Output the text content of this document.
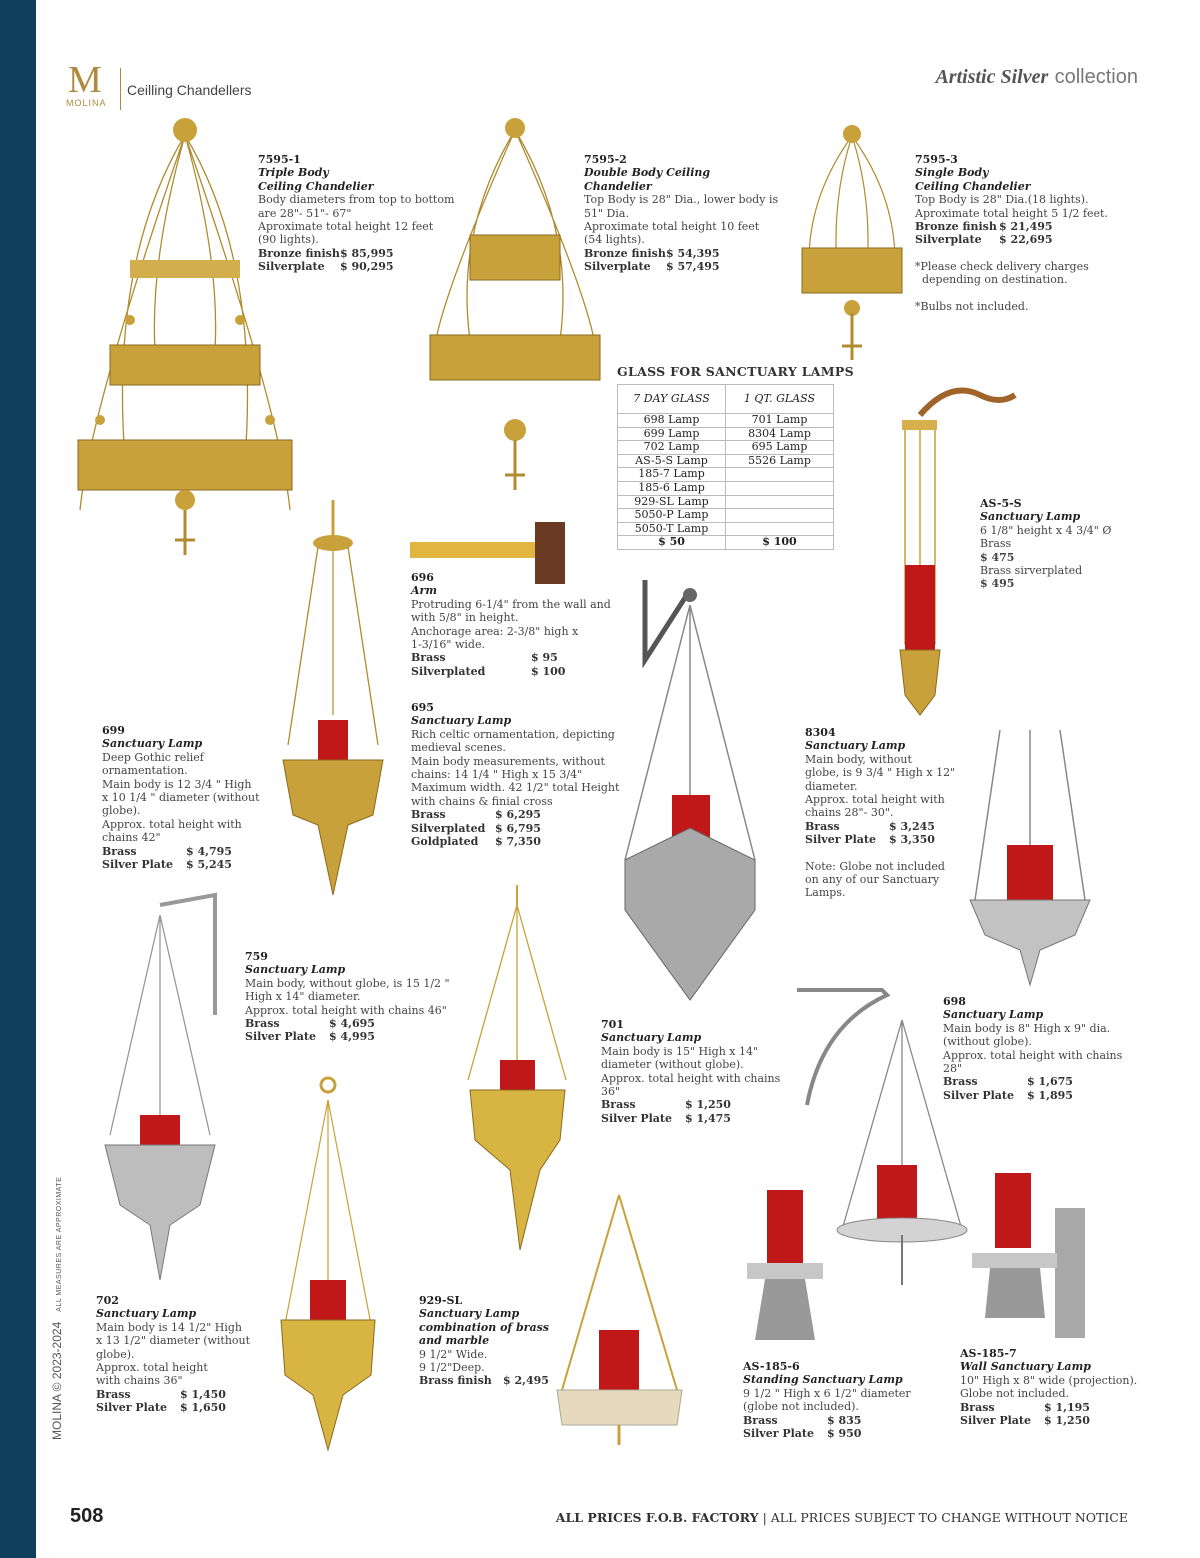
M
MOLINA
Ceilling Chandellers
Artistic Silver collection
7595-1
Triple Body
Ceiling Chandelier
Body diameters from top to bottom
are 28"- 51"- 67"
Aproximate total height 12 feet
(90 lights).
Bronze finish $ 85,995
Silverplate	$ 90,295
7595-2
Double Body Ceiling
Chandelier
Top Body is 28" Dia., lower body is
51" Dia.
Aproximate total height 10 feet
(54 lights).
Bronze finish $ 54,395
Silverplate	$ 57,495
7595-3
Single Body
Ceiling Chandelier
Top Body is 28" Dia.(18 lights).
Aproximate total height 5 1/2 feet.
Bronze finish $ 21,495
Silverplate	$ 22,695
*Please check delivery charges
depending on destination.
*Bulbs not included.
GLASS FOR SANCTUARY LAMPS
7 DAY GLASS	1 QT. GLASS
698 Lamp	701 Lamp
699 Lamp	8304 Lamp
702 Lamp	695 Lamp
AS-5-S Lamp	5526 Lamp
185-7 Lamp	
185-6 Lamp	
929-SL Lamp	
5050-P Lamp	
5050-T Lamp	
$ 50	$ 100
696
Arm
Protruding 6-1/4" from the wall and
with 5/8" in height.
Anchorage area: 2-3/8" high x
1-3/16" wide.
Brass	$ 95
Silverplated	$ 100
695
Sanctuary Lamp
Rich celtic ornamentation, depicting
medieval scenes.
Main body measurements, without
chains: 14 1/4 " High x 15 3/4"
Maximum width. 42 1/2" total Height
with chains & finial cross
Brass	$ 6,295
Silverplated $ 6,795
Goldplated	$ 7,350
699
Sanctuary Lamp
Deep Gothic relief
ornamentation.
Main body is 12 3/4 " High
x 10 1/4 " diameter (without
globe).
Approx. total height with
chains 42"
Brass	$ 4,795
Silver Plate	$ 5,245
AS-5-S
Sanctuary Lamp
6 1/8" height x 4 3/4" Ø
Brass
$ 475
Brass sirverplated
$ 495
8304
Sanctuary Lamp
Main body, without
globe, is 9 3/4 " High x 12"
diameter.
Approx. total height with
chains 28"- 30".
Brass	$ 3,245
Silver Plate	$ 3,350
Note: Globe not included
on any of our Sanctuary
Lamps.
759
Sanctuary Lamp
Main body, without globe, is 15 1/2 "
High x 14" diameter.
Approx. total height with chains 46"
Brass	$ 4,695
Silver Plate	$ 4,995
701
Sanctuary Lamp
Main body is 15" High x 14"
diameter (without globe).
Approx. total height with chains
36"
Brass	$ 1,250
Silver Plate	$ 1,475
698
Sanctuary Lamp
Main body is 8" High x 9" dia.
(without globe).
Approx. total height with chains
28"
Brass	$ 1,675
Silver Plate	$ 1,895
702
Sanctuary Lamp
Main body is 14 1/2" High
x 13 1/2" diameter (without
globe).
Approx. total height
with chains 36"
Brass	$ 1,450
Silver Plate	$ 1,650
929-SL
Sanctuary Lamp
combination of brass
and marble
9 1/2" Wide.
9 1/2"Deep.
Brass finish	$ 2,495
AS-185-6
Standing Sanctuary Lamp
9 1/2 " High x 6 1/2" diameter
(globe not included).
Brass	$ 835
Silver Plate	$ 950
AS-185-7
Wall Sanctuary Lamp
10" High x 8" wide (projection).
Globe not included.
Brass	$ 1,195
Silver Plate	$ 1,250
MOLINA © 2023-2024   ALL MEASURES ARE APPROXIMATE
508	ALL PRICES F.O.B. FACTORY | ALL PRICES SUBJECT TO CHANGE WITHOUT NOTICE
